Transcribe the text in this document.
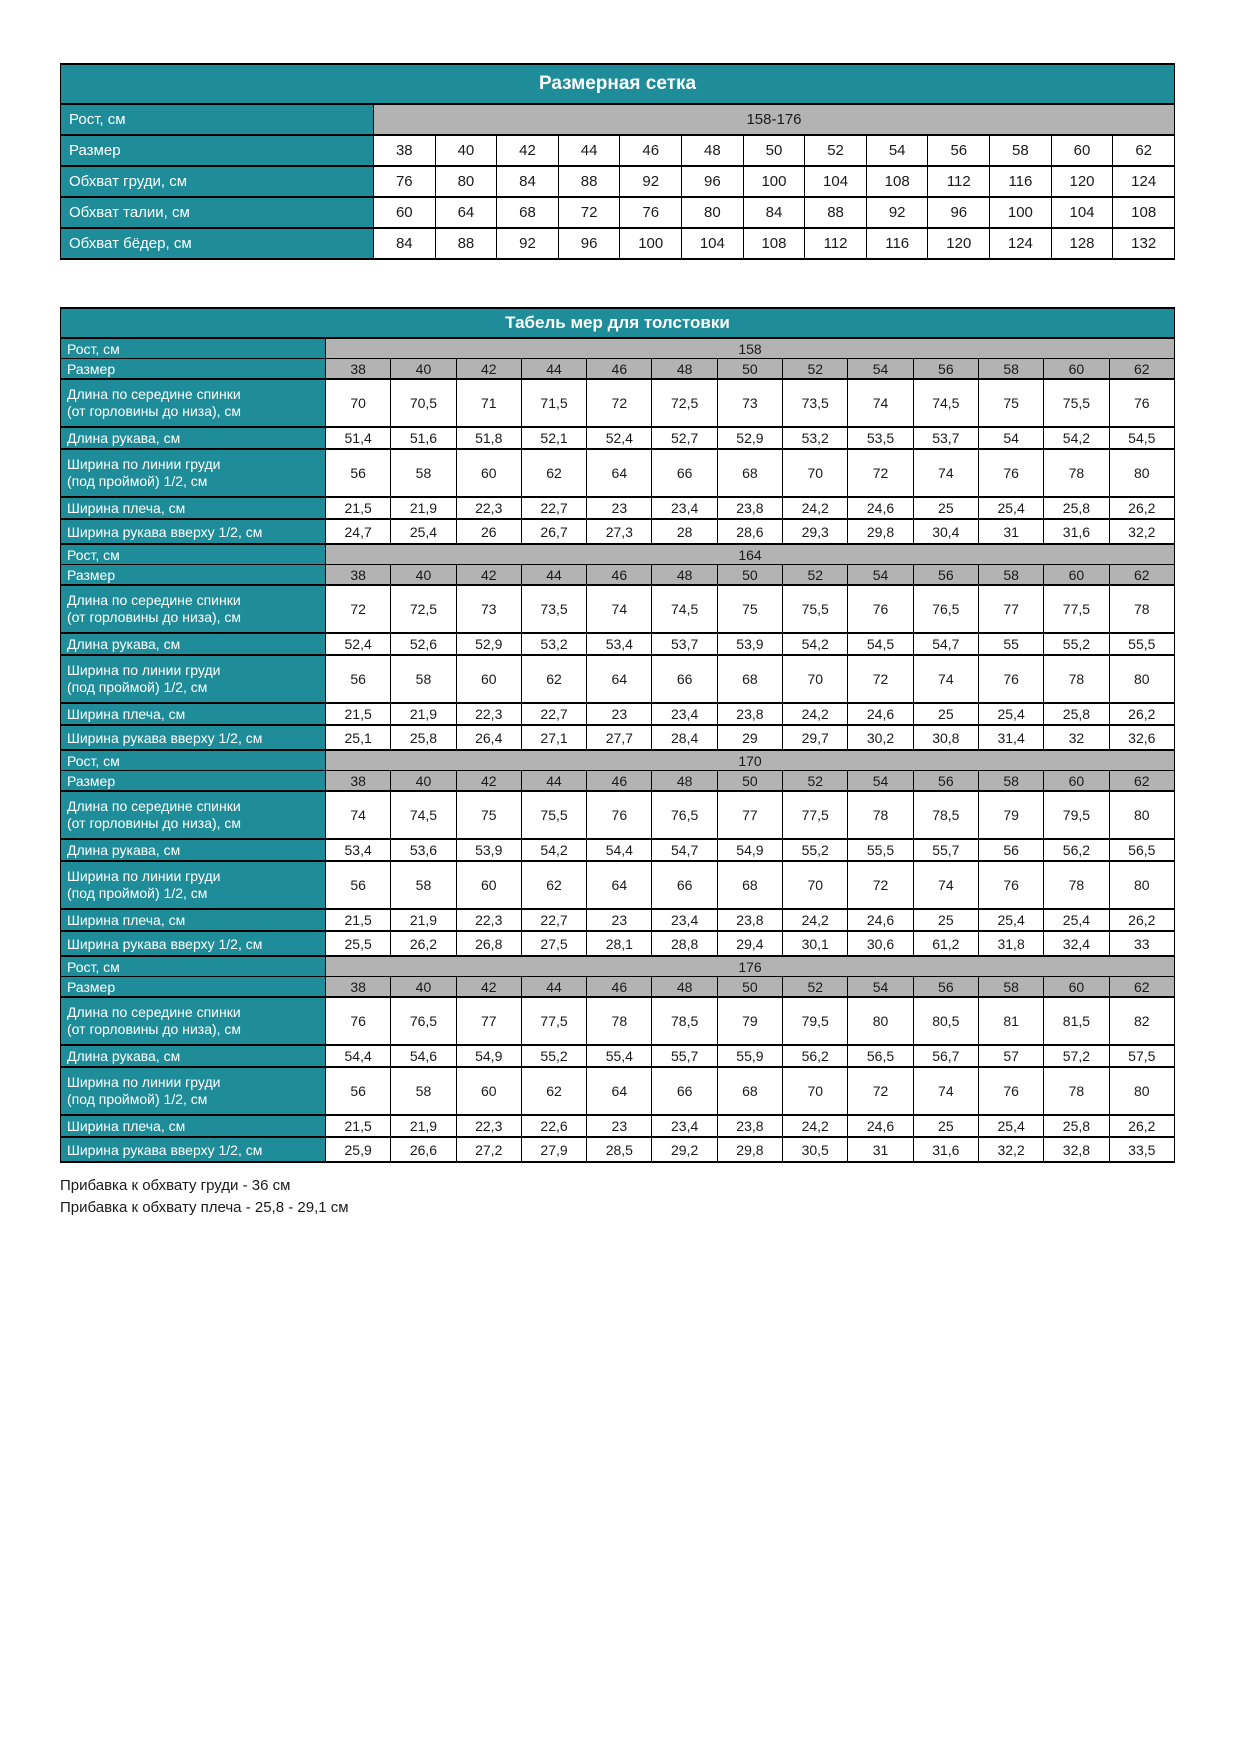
Размерная сетка													
Рост, см	158-176												
Размер	38	40	42	44	46	48	50	52	54	56	58	60	62
Обхват груди, см	76	80	84	88	92	96	100	104	108	112	116	120	124
Обхват талии, см	60	64	68	72	76	80	84	88	92	96	100	104	108
Обхват бёдер, см	84	88	92	96	100	104	108	112	116	120	124	128	132
Табель мер для толстовки													
Рост, см	158												
Размер	38	40	42	44	46	48	50	52	54	56	58	60	62

Длина по середине спинки
(от горловины до низа), см	70	70,5	71	71,5	72	72,5	73	73,5	74	74,5	75	75,5	76
Длина рукава, см	51,4	51,6	51,8	52,1	52,4	52,7	52,9	53,2	53,5	53,7	54	54,2	54,5

Ширина по линии груди
(под проймой) 1/2, см	56	58	60	62	64	66	68	70	72	74	76	78	80
Ширина плеча, см	21,5	21,9	22,3	22,7	23	23,4	23,8	24,2	24,6	25	25,4	25,8	26,2
Ширина рукава вверху 1/2, см	24,7	25,4	26	26,7	27,3	28	28,6	29,3	29,8	30,4	31	31,6	32,2
Рост, см	164												
Размер	38	40	42	44	46	48	50	52	54	56	58	60	62

Длина по середине спинки
(от горловины до низа), см	72	72,5	73	73,5	74	74,5	75	75,5	76	76,5	77	77,5	78
Длина рукава, см	52,4	52,6	52,9	53,2	53,4	53,7	53,9	54,2	54,5	54,7	55	55,2	55,5

Ширина по линии груди
(под проймой) 1/2, см	56	58	60	62	64	66	68	70	72	74	76	78	80
Ширина плеча, см	21,5	21,9	22,3	22,7	23	23,4	23,8	24,2	24,6	25	25,4	25,8	26,2
Ширина рукава вверху 1/2, см	25,1	25,8	26,4	27,1	27,7	28,4	29	29,7	30,2	30,8	31,4	32	32,6
Рост, см	170												
Размер	38	40	42	44	46	48	50	52	54	56	58	60	62

Длина по середине спинки
(от горловины до низа), см	74	74,5	75	75,5	76	76,5	77	77,5	78	78,5	79	79,5	80
Длина рукава, см	53,4	53,6	53,9	54,2	54,4	54,7	54,9	55,2	55,5	55,7	56	56,2	56,5

Ширина по линии груди
(под проймой) 1/2, см	56	58	60	62	64	66	68	70	72	74	76	78	80
Ширина плеча, см	21,5	21,9	22,3	22,7	23	23,4	23,8	24,2	24,6	25	25,4	25,4	26,2
Ширина рукава вверху 1/2, см	25,5	26,2	26,8	27,5	28,1	28,8	29,4	30,1	30,6	61,2	31,8	32,4	33
Рост, см	176												
Размер	38	40	42	44	46	48	50	52	54	56	58	60	62

Длина по середине спинки
(от горловины до низа), см	76	76,5	77	77,5	78	78,5	79	79,5	80	80,5	81	81,5	82
Длина рукава, см	54,4	54,6	54,9	55,2	55,4	55,7	55,9	56,2	56,5	56,7	57	57,2	57,5

Ширина по линии груди
(под проймой) 1/2, см	56	58	60	62	64	66	68	70	72	74	76	78	80
Ширина плеча, см	21,5	21,9	22,3	22,6	23	23,4	23,8	24,2	24,6	25	25,4	25,8	26,2
Ширина рукава вверху 1/2, см	25,9	26,6	27,2	27,9	28,5	29,2	29,8	30,5	31	31,6	32,2	32,8	33,5
Прибавка к обхвату груди - 36 см
Прибавка к обхвату плеча - 25,8 - 29,1 см
